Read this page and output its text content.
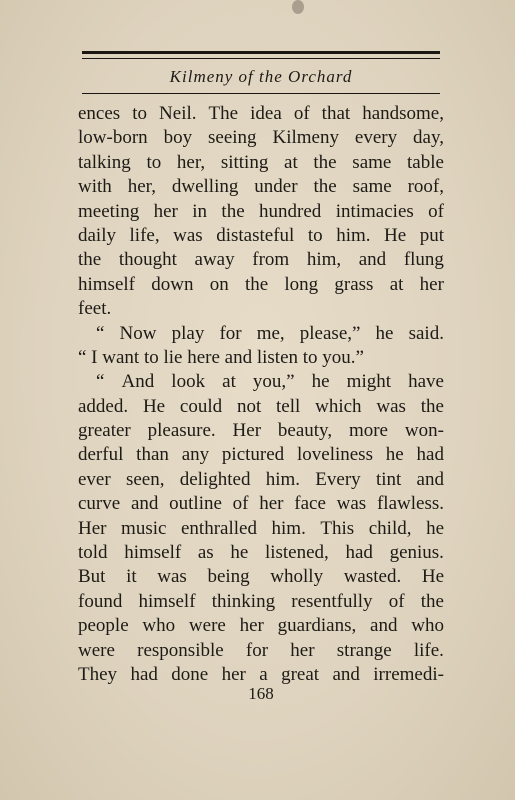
Kilmeny of the Orchard
ences to Neil. The idea of that handsome,
low-born boy seeing Kilmeny every day,
talking to her, sitting at the same table
with her, dwelling under the same roof,
meeting her in the hundred intimacies of
daily life, was distasteful to him. He put
the thought away from him, and flung
himself down on the long grass at her
feet.
“ Now play for me, please,” he said.
“ I want to lie here and listen to you.”
“ And look at you,” he might have
added. He could not tell which was the
greater pleasure. Her beauty, more won-
derful than any pictured loveliness he had
ever seen, delighted him. Every tint and
curve and outline of her face was flawless.
Her music enthralled him. This child, he
told himself as he listened, had genius.
But it was being wholly wasted. He
found himself thinking resentfully of the
people who were her guardians, and who
were responsible for her strange life.
They had done her a great and irremedi-
168
